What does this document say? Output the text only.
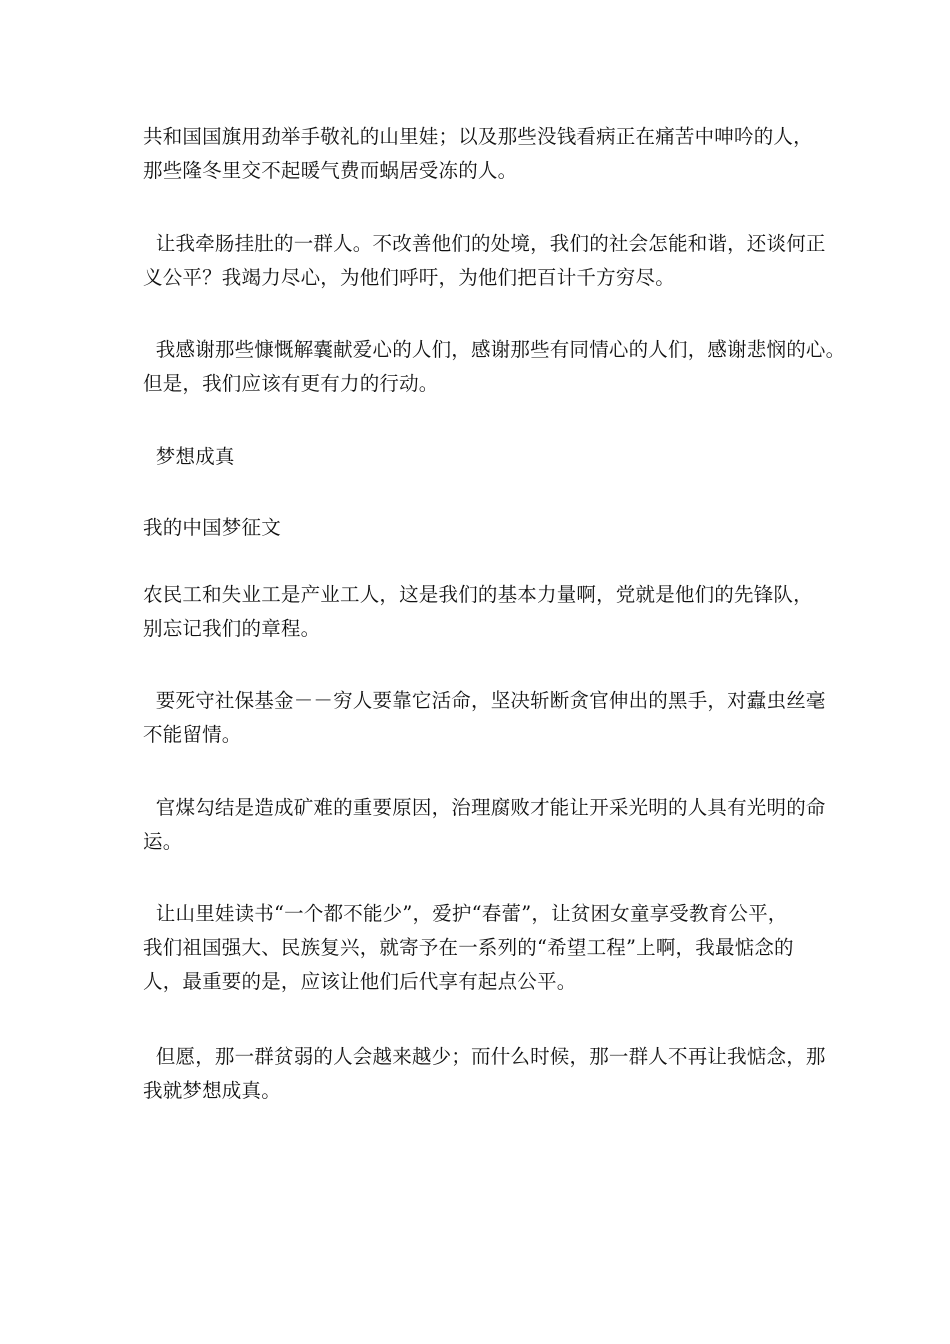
共和国国旗用劲举手敬礼的山里娃；以及那些没钱看病正在痛苦中呻吟的人，
那些隆冬里交不起暖气费而蜗居受冻的人。

让我牵肠挂肚的一群人。不改善他们的处境，我们的社会怎能和谐，还谈何正
义公平？我竭力尽心，为他们呼吁，为他们把百计千方穷尽。

我感谢那些慷慨解囊献爱心的人们，感谢那些有同情心的人们，感谢悲悯的心。
但是，我们应该有更有力的行动。

梦想成真

我的中国梦征文

农民工和失业工是产业工人，这是我们的基本力量啊，党就是他们的先锋队，
别忘记我们的章程。

要死守社保基金－－穷人要靠它活命，坚决斩断贪官伸出的黑手，对蠹虫丝毫
不能留情。

官煤勾结是造成矿难的重要原因，治理腐败才能让开采光明的人具有光明的命
运。

让山里娃读书“一个都不能少”，爱护“春蕾”，让贫困女童享受教育公平，
我们祖国强大、民族复兴，就寄予在一系列的“希望工程”上啊，我最惦念的
人，最重要的是，应该让他们后代享有起点公平。

但愿，那一群贫弱的人会越来越少；而什么时候，那一群人不再让我惦念，那
我就梦想成真。
